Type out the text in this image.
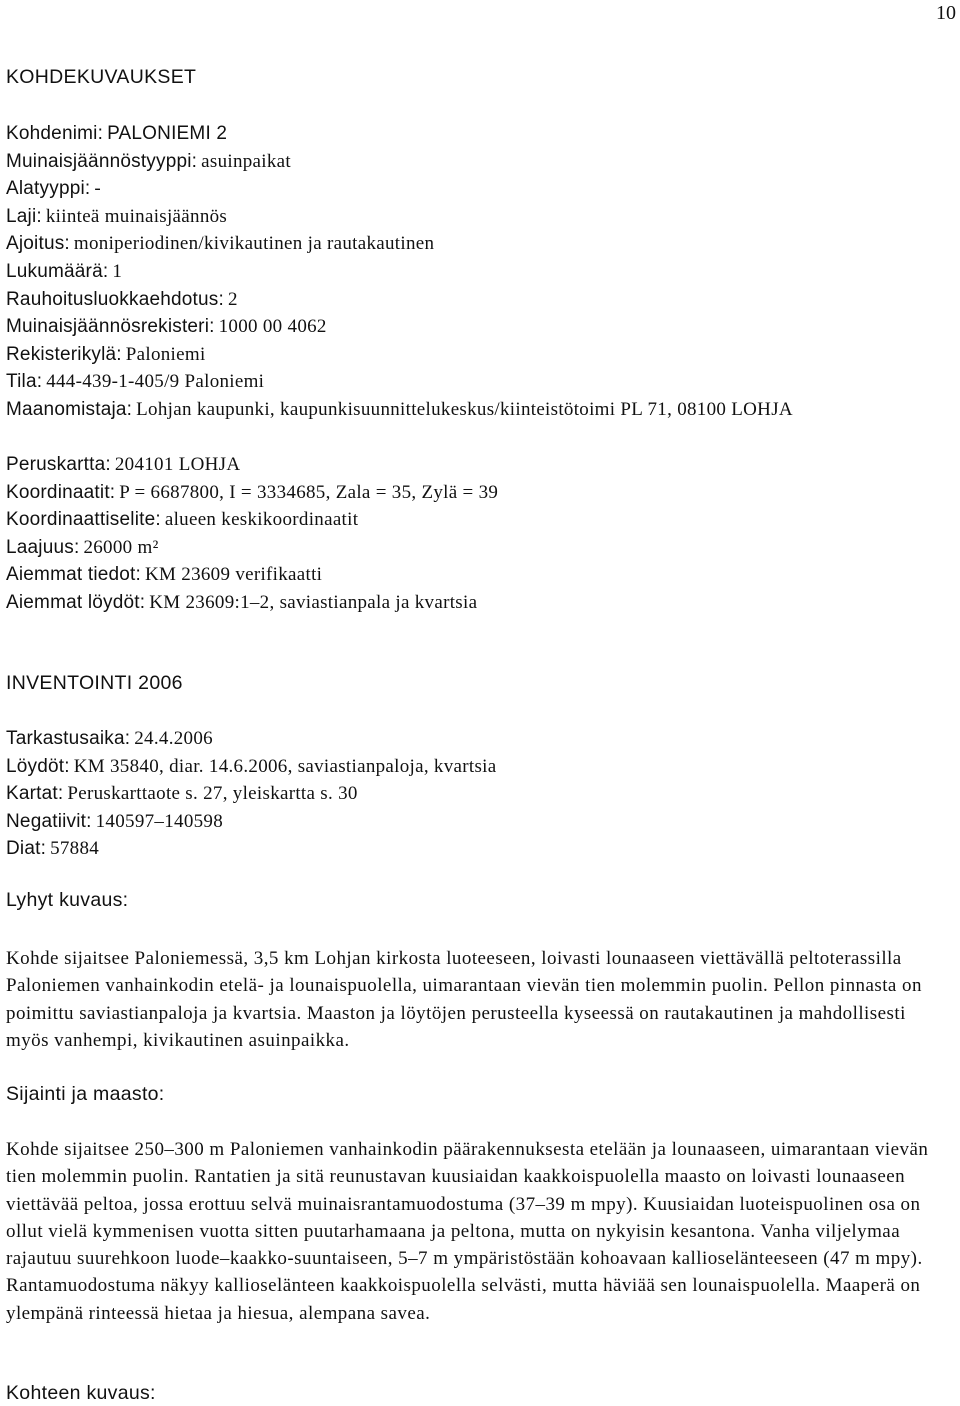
10
KOHDEKUVAUKSET
Kohdenimi: PALONIEMI 2
Muinaisjäännöstyyppi: asuinpaikat
Alatyyppi: -
Laji: kiinteä muinaisjäännös
Ajoitus: moniperiodinen/kivikautinen ja rautakautinen
Lukumäärä: 1
Rauhoitusluokkaehdotus: 2
Muinaisjäännösrekisteri: 1000 00 4062
Rekisterikylä: Paloniemi
Tila: 444-439-1-405/9 Paloniemi
Maanomistaja: Lohjan kaupunki, kaupunkisuunnittelukeskus/kiinteistötoimi PL 71, 08100 LOHJA
Peruskartta: 204101 LOHJA
Koordinaatit: P = 6687800, I = 3334685, Zala = 35, Zylä = 39
Koordinaattiselite: alueen keskikoordinaatit
Laajuus: 26000 m²
Aiemmat tiedot: KM 23609 verifikaatti
Aiemmat löydöt: KM 23609:1–2, saviastianpala ja kvartsia
INVENTOINTI 2006
Tarkastusaika: 24.4.2006
Löydöt: KM 35840, diar. 14.6.2006, saviastianpaloja, kvartsia
Kartat: Peruskarttaote s. 27, yleiskartta s. 30
Negatiivit: 140597–140598
Diat: 57884
Lyhyt kuvaus:

Kohde sijaitsee Paloniemessä, 3,5 km Lohjan kirkosta luoteeseen, loivasti lounaaseen viettävällä peltoterassilla Paloniemen vanhainkodin etelä- ja lounaispuolella, uimarantaan vievän tien molemmin puolin. Pellon pinnasta on poimittu saviastianpaloja ja kvartsia. Maaston ja löytöjen perusteella kyseessä on rautakautinen ja mahdollisesti myös vanhempi, kivikautinen asuinpaikka.

Sijainti ja maasto:

Kohde sijaitsee 250–300 m Paloniemen vanhainkodin päärakennuksesta etelään ja lounaaseen, uimarantaan vievän tien molemmin puolin. Rantatien ja sitä reunustavan kuusiaidan kaakkoispuolella maasto on loivasti lounaaseen viettävää peltoa, jossa erottuu selvä muinaisrantamuodostuma (37–39 m mpy). Kuusiaidan luoteispuolinen osa on ollut vielä kymmenisen vuotta sitten puutarhamaana ja peltona, mutta on nykyisin kesantona. Vanha viljelymaa rajautuu suurehkoon luode–kaakko-suuntaiseen, 5–7 m ympäristöstään kohoavaan kallioselänteeseen (47 m mpy). Rantamuodostuma näkyy kallioselänteen kaakkoispuolella selvästi, mutta häviää sen lounaispuolella. Maaperä on ylempänä rinteessä hietaa ja hiesua, alempana savea.

Kohteen kuvaus:
